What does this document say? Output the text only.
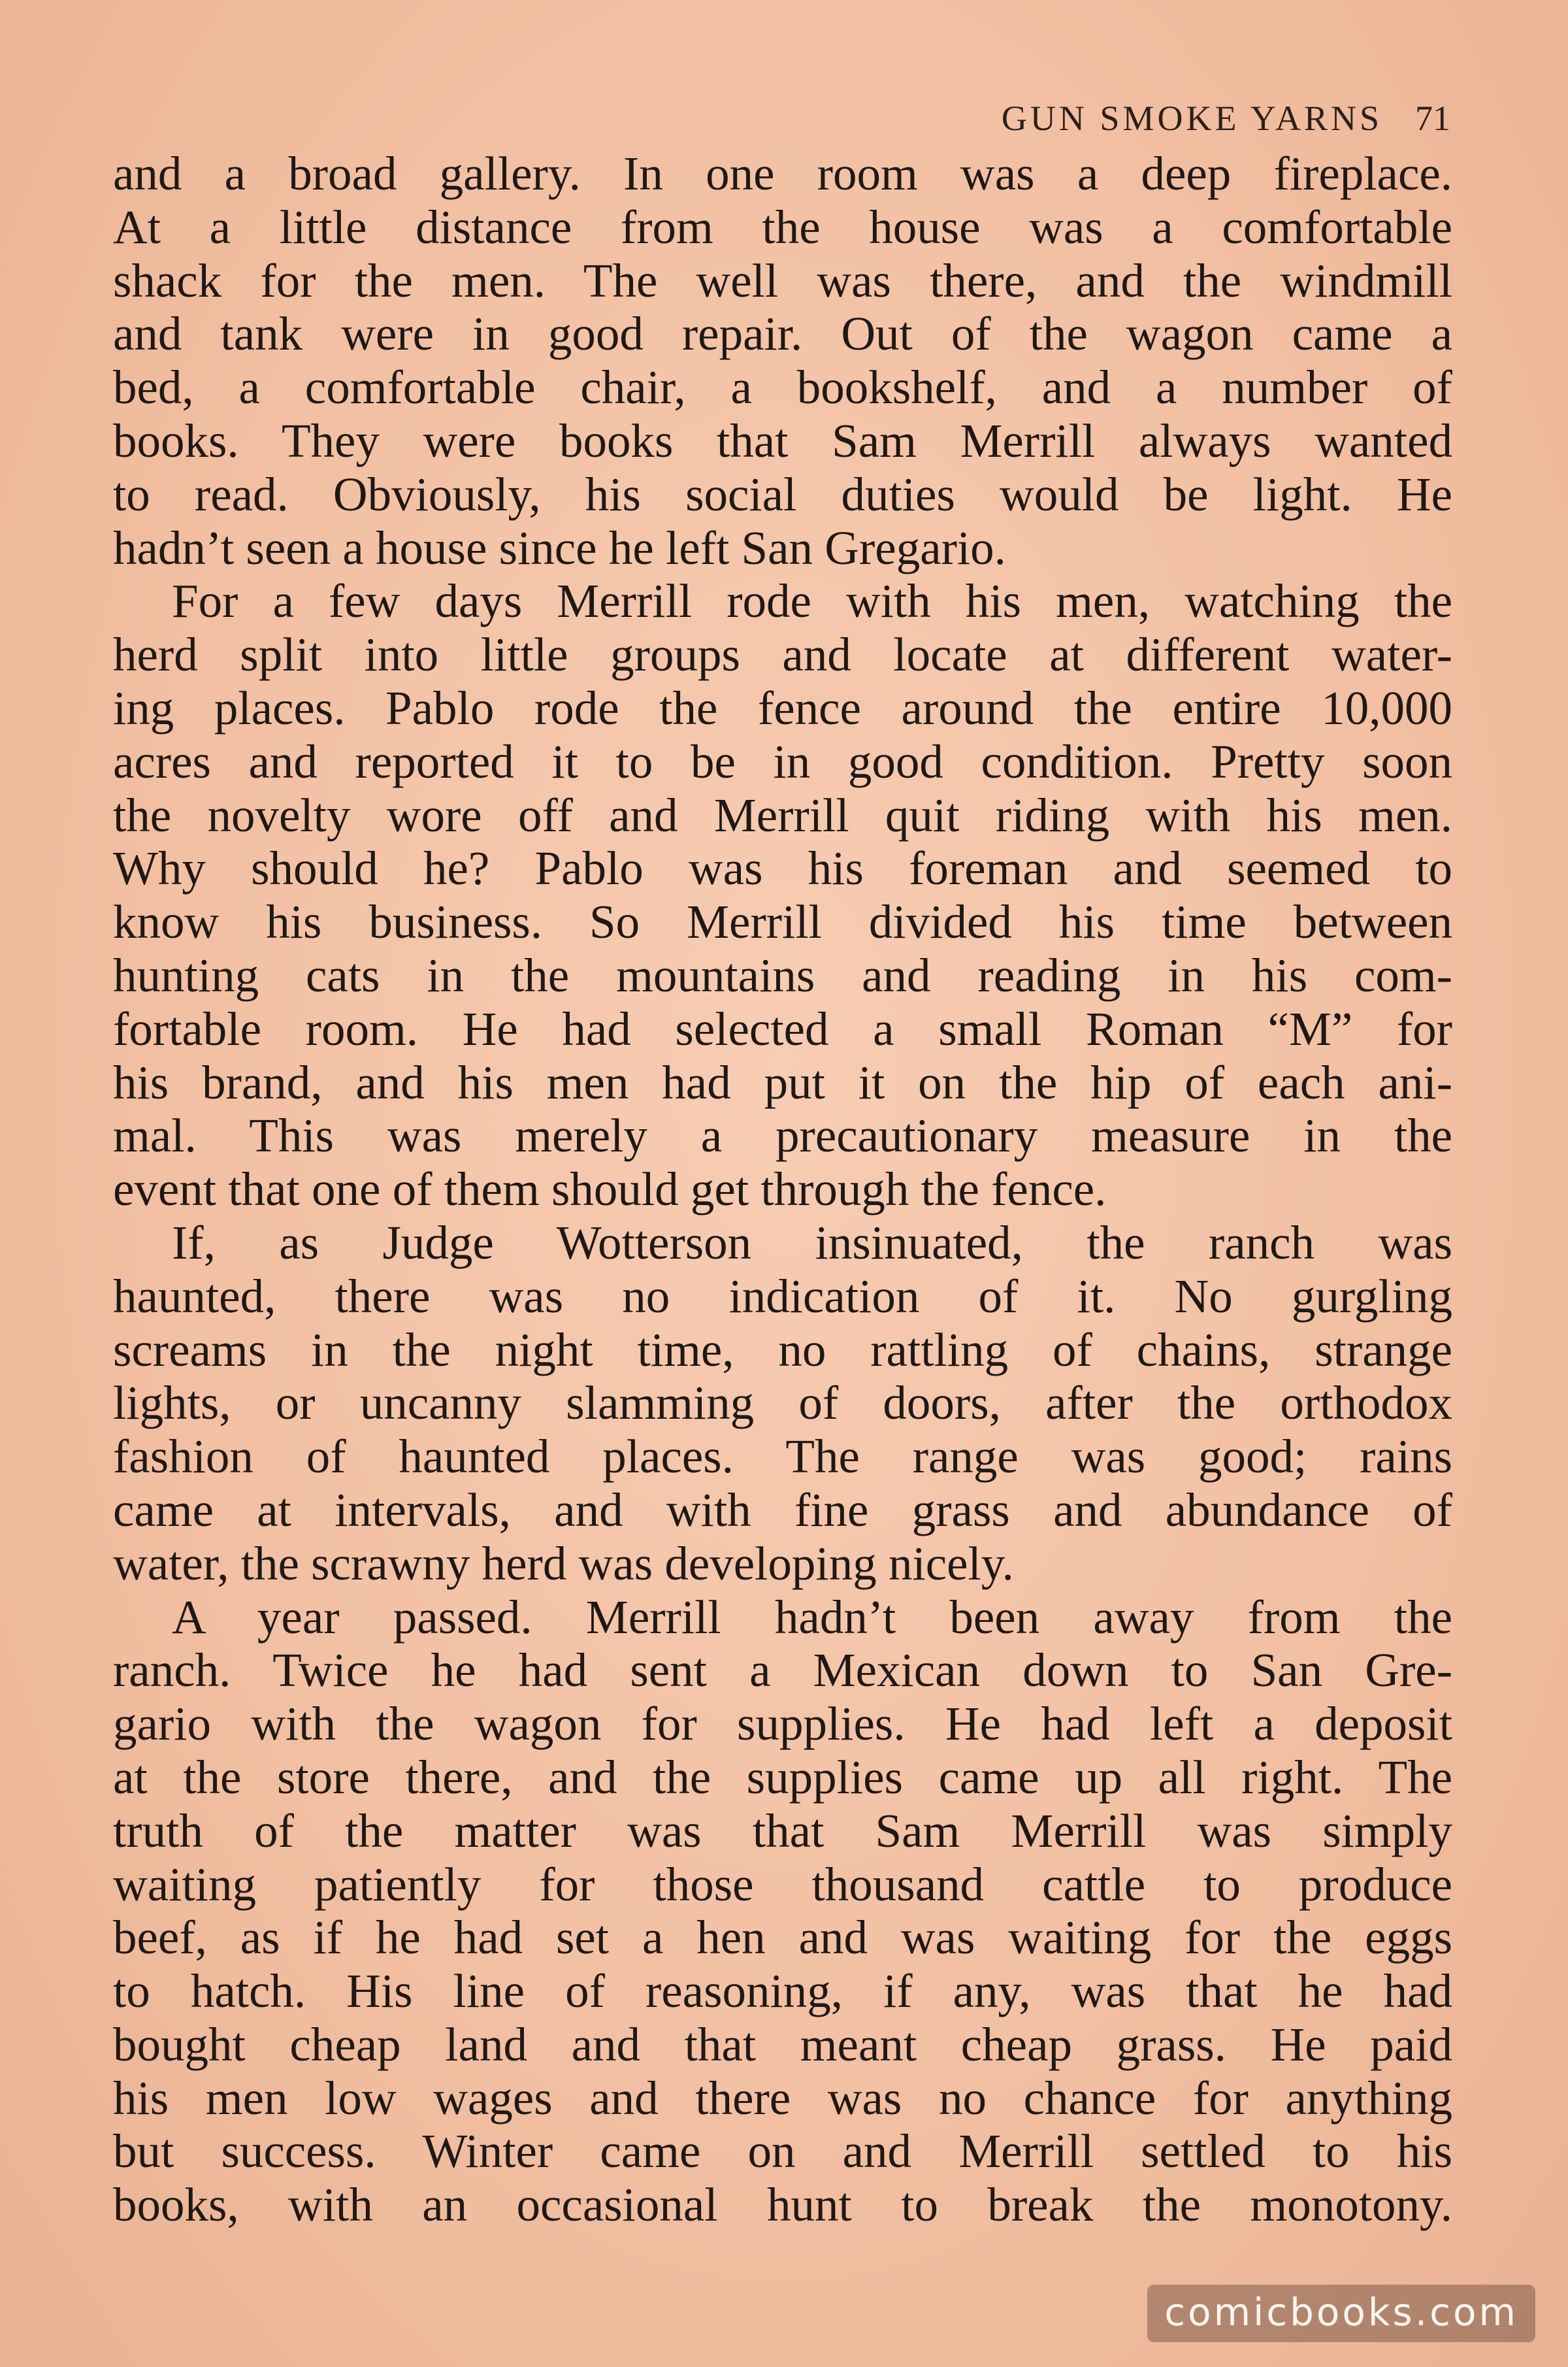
GUN SMOKE YARNS 71
and a broad gallery. In one room was a deep fireplace.
At a little distance from the house was a comfortable
shack for the men. The well was there, and the windmill
and tank were in good repair. Out of the wagon came a
bed, a comfortable chair, a bookshelf, and a number of
books. They were books that Sam Merrill always wanted
to read. Obviously, his social duties would be light. He
hadn’t seen a house since he left San Gregario.
For a few days Merrill rode with his men, watching the
herd split into little groups and locate at different water-
ing places. Pablo rode the fence around the entire 10,000
acres and reported it to be in good condition. Pretty soon
the novelty wore off and Merrill quit riding with his men.
Why should he? Pablo was his foreman and seemed to
know his business. So Merrill divided his time between
hunting cats in the mountains and reading in his com-
fortable room. He had selected a small Roman “M” for
his brand, and his men had put it on the hip of each ani-
mal. This was merely a precautionary measure in the
event that one of them should get through the fence.
If, as Judge Wotterson insinuated, the ranch was
haunted, there was no indication of it. No gurgling
screams in the night time, no rattling of chains, strange
lights, or uncanny slamming of doors, after the orthodox
fashion of haunted places. The range was good; rains
came at intervals, and with fine grass and abundance of
water, the scrawny herd was developing nicely.
A year passed. Merrill hadn’t been away from the
ranch. Twice he had sent a Mexican down to San Gre-
gario with the wagon for supplies. He had left a deposit
at the store there, and the supplies came up all right. The
truth of the matter was that Sam Merrill was simply
waiting patiently for those thousand cattle to produce
beef, as if he had set a hen and was waiting for the eggs
to hatch. His line of reasoning, if any, was that he had
bought cheap land and that meant cheap grass. He paid
his men low wages and there was no chance for anything
but success. Winter came on and Merrill settled to his
books, with an occasional hunt to break the monotony.
comicbooks.com
